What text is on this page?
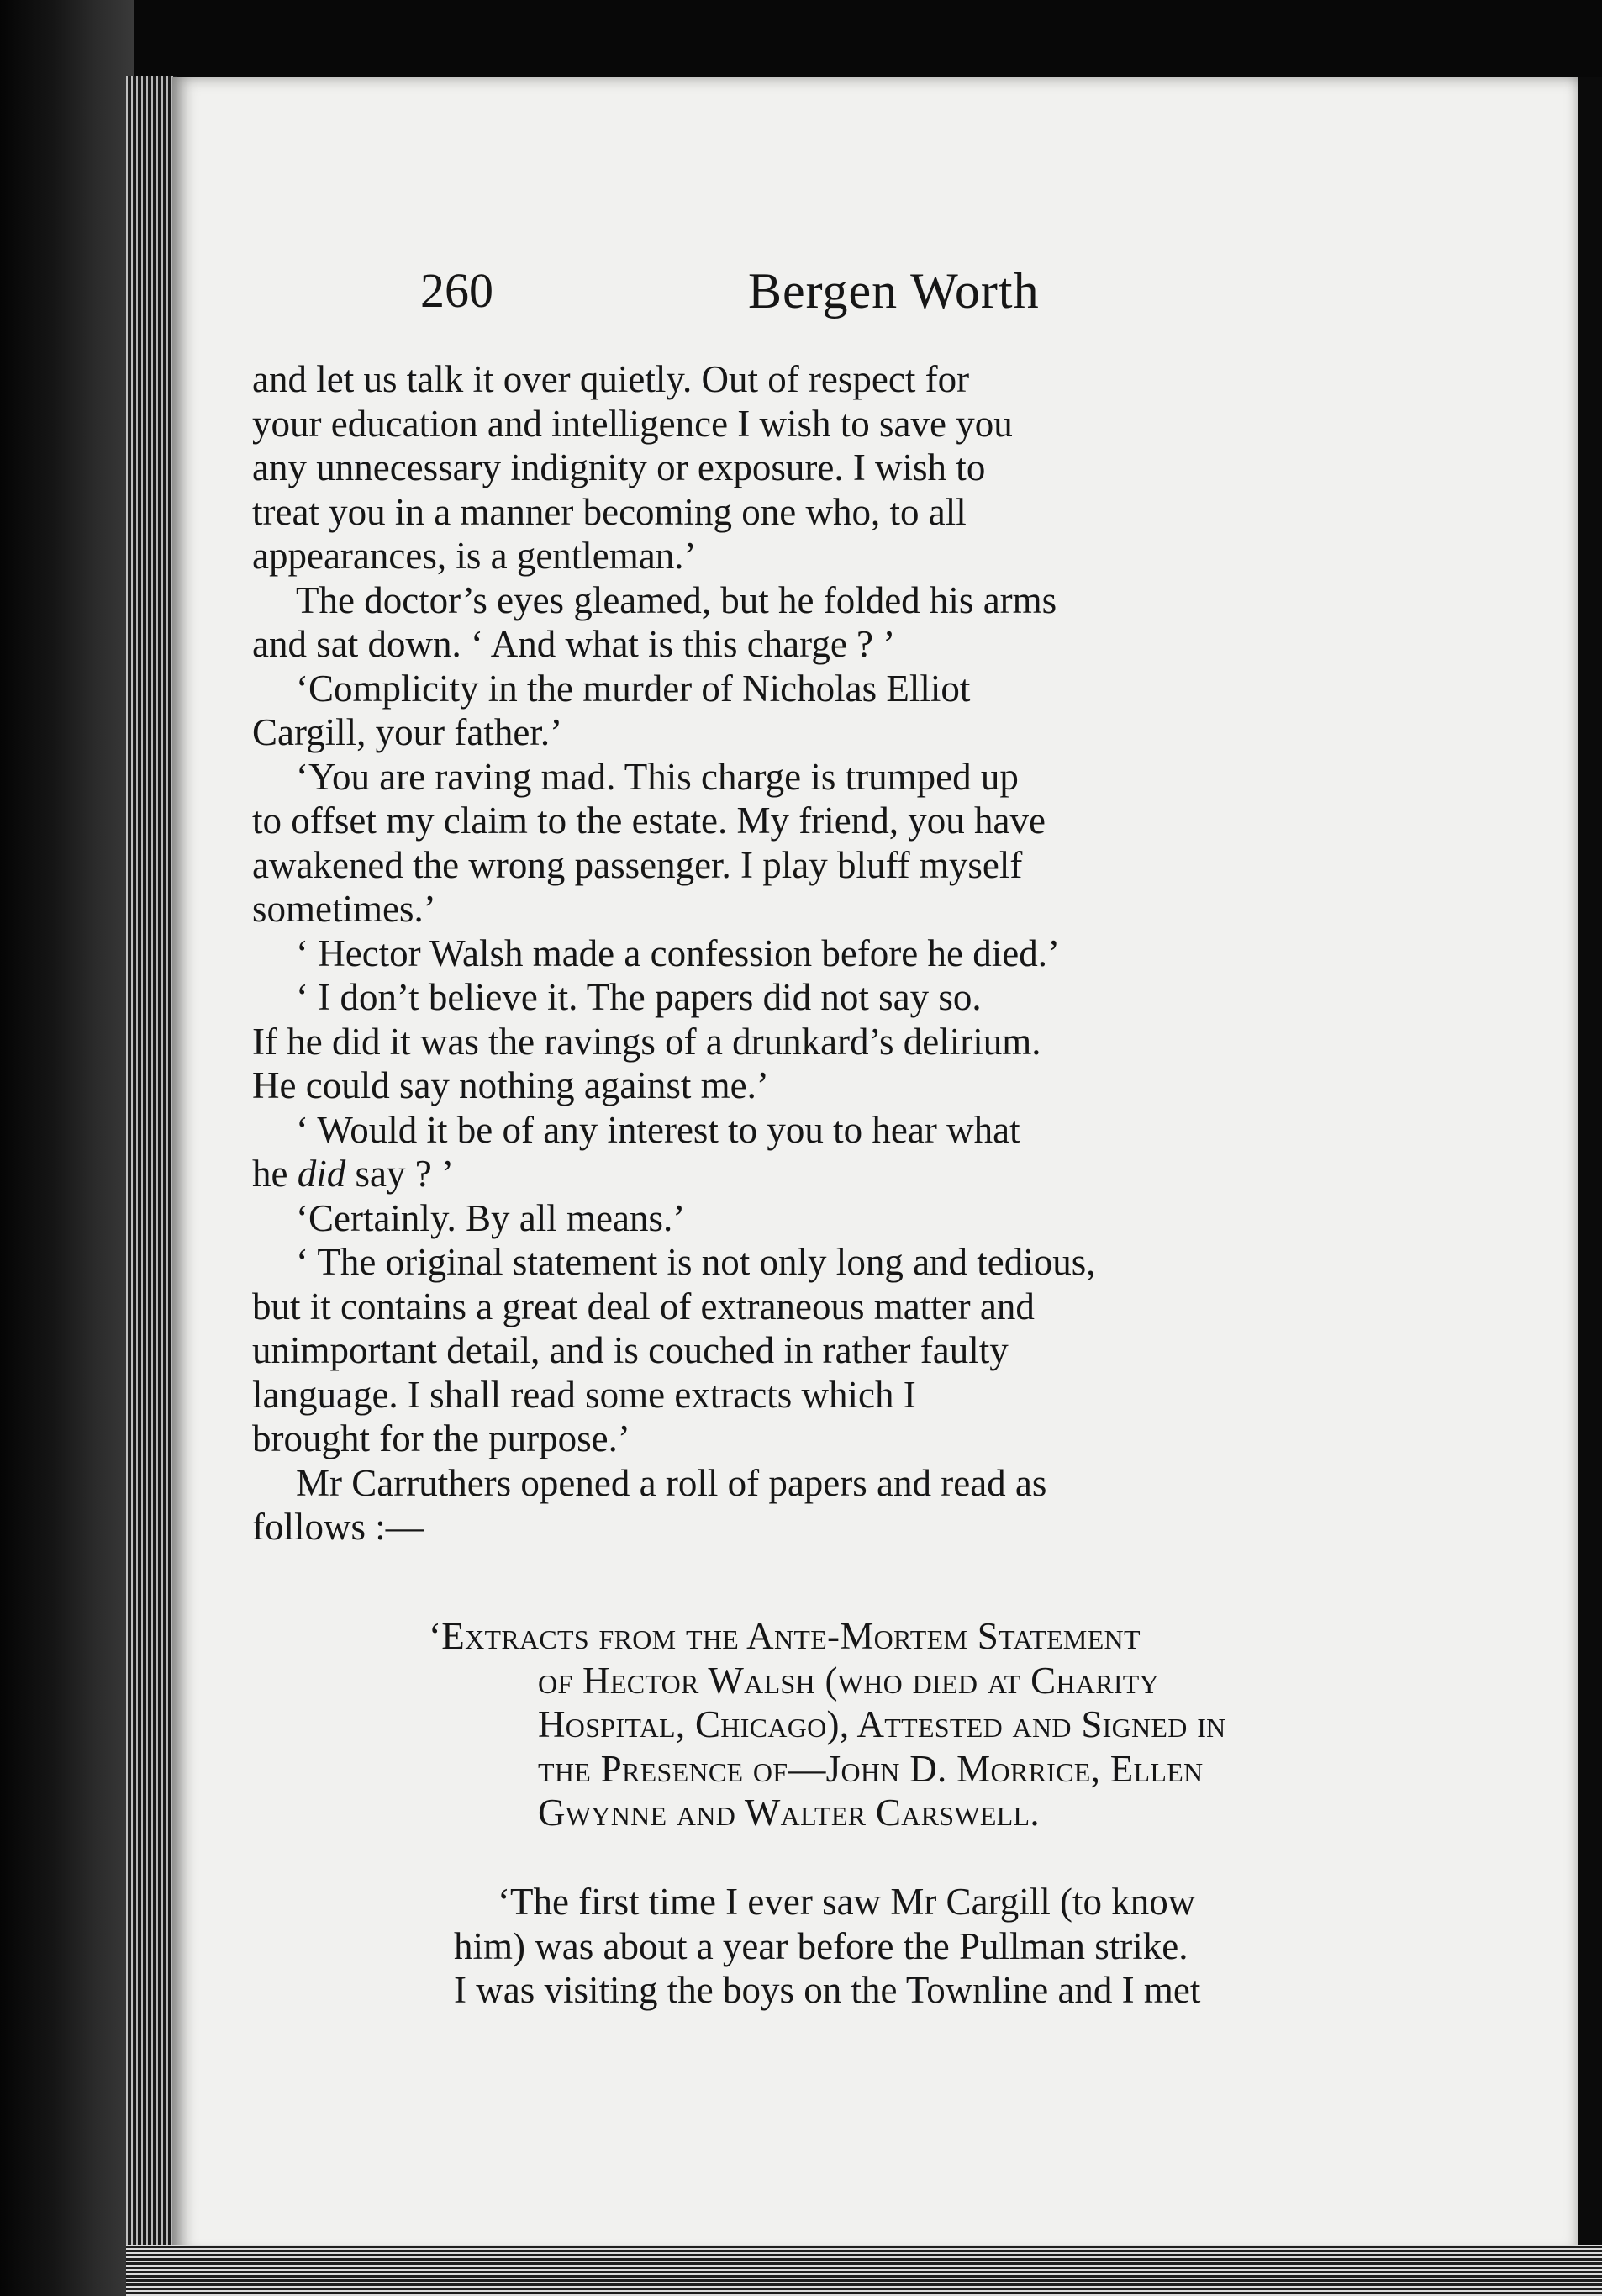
260	Bergen Worth
and let us talk it over quietly. Out of respect for
your education and intelligence I wish to save you
any unnecessary indignity or exposure. I wish to
treat you in a manner becoming one who, to all
appearances, is a gentleman.’
The doctor’s eyes gleamed, but he folded his arms
and sat down. ‘ And what is this charge ? ’
‘Complicity in the murder of Nicholas Elliot
Cargill, your father.’
‘You are raving mad. This charge is trumped up
to offset my claim to the estate. My friend, you have
awakened the wrong passenger. I play bluff myself
sometimes.’
‘ Hector Walsh made a confession before he died.’
‘ I don’t believe it. The papers did not say so.
If he did it was the ravings of a drunkard’s delirium.
He could say nothing against me.’
‘ Would it be of any interest to you to hear what
he did say ? ’
‘Certainly. By all means.’
‘ The original statement is not only long and tedious,
but it contains a great deal of extraneous matter and
unimportant detail, and is couched in rather faulty
language. I shall read some extracts which I
brought for the purpose.’
Mr Carruthers opened a roll of papers and read as
follows :—
‘Extracts from the Ante-Mortem Statement
of Hector Walsh (who died at Charity
Hospital, Chicago), Attested and Signed in
the Presence of—John D. Morrice, Ellen
Gwynne and Walter Carswell.
‘The first time I ever saw Mr Cargill (to know
him) was about a year before the Pullman strike.
I was visiting the boys on the Townline and I met
